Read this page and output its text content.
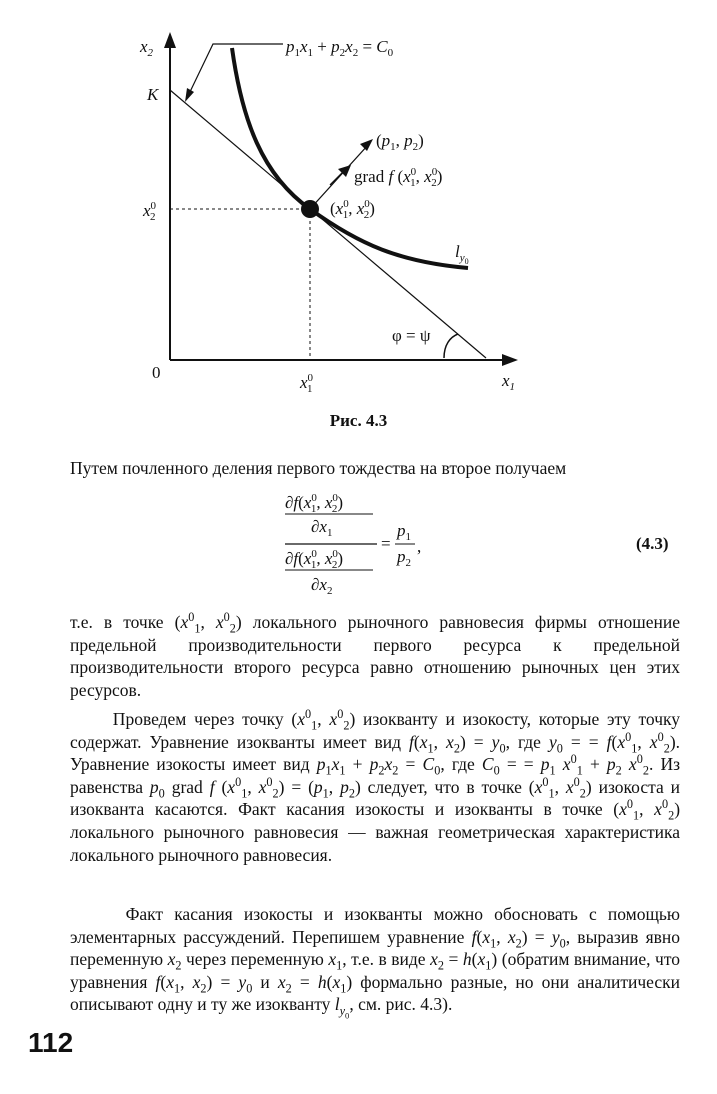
$x_2$
$x_1$
0
K
$p_1x_1 + p_2x_2 = C_0$
($p_1$, $p_2$)
grad f ($x^0$ 1, $x^0$ 2)
($x^0$ 1, $x^0$ 2)
$x^0$ 2
$x^0$ 1
$l_y0$
φ = ψ
Рис. 4.3
Путем почленного деления первого тождества на второе получаем
$\partial f(x^0$ 1, $x^0$ 2)
$\partial x_1$
$\partial f(x^0$ 1, $x^0$ 2)
$\partial x_2$
=
$p_1$
$p_2$
,	(4.3)
т.е. в точке ($x^0_1$, $x^0_2$) локального рыночного равновесия фирмы отношение предельной производительности первого ресурса к предельной производительности второго ресурса равно отношению рыночных цен этих ресурсов.
Проведем через точку ($x^0_1$, $x^0_2$) изокванту и изокосту, которые эту точку содержат. Уравнение изокванты имеет вид $f(x_1$, $x_2) = y_0$, где $y_0$ = = $f(x^0_1$, $x^0_2$). Уравнение изокосты имеет вид $p_1x_1 + p_2x_2 = C_0$, где $C_0$ = = $p_1$ $x^0_1 + p_2$ $x^0_2$. Из равенства $p_0$ grad f ($x^0_1$, $x^0_2) = (p_1$, $p_2$) следует, что в точке ($x^0_1$, $x^0_2$) изокоста и изокванта касаются. Факт касания изокосты и изокванты в точке ($x^0_1$, $x^0_2$) локального рыночного равновесия — важная геометрическая характеристика локального рыночного равновесия.
Факт касания изокосты и изокванты можно обосновать с помощью элементарных рассуждений. Перепишем уравнение $f(x_1$, $x_2) = y_0$, выразив явно переменную $x_2$ через переменную $x_1$, т.е. в виде $x_2 = h(x_1)$ (обратим внимание, что уравнения $f(x_1$, $x_2) = y_0$ и $x_2 = h(x_1)$ формально разные, но они аналитически описывают одну и ту же изокванту $l_{y_0}$, см. рис. 4.3).
112
